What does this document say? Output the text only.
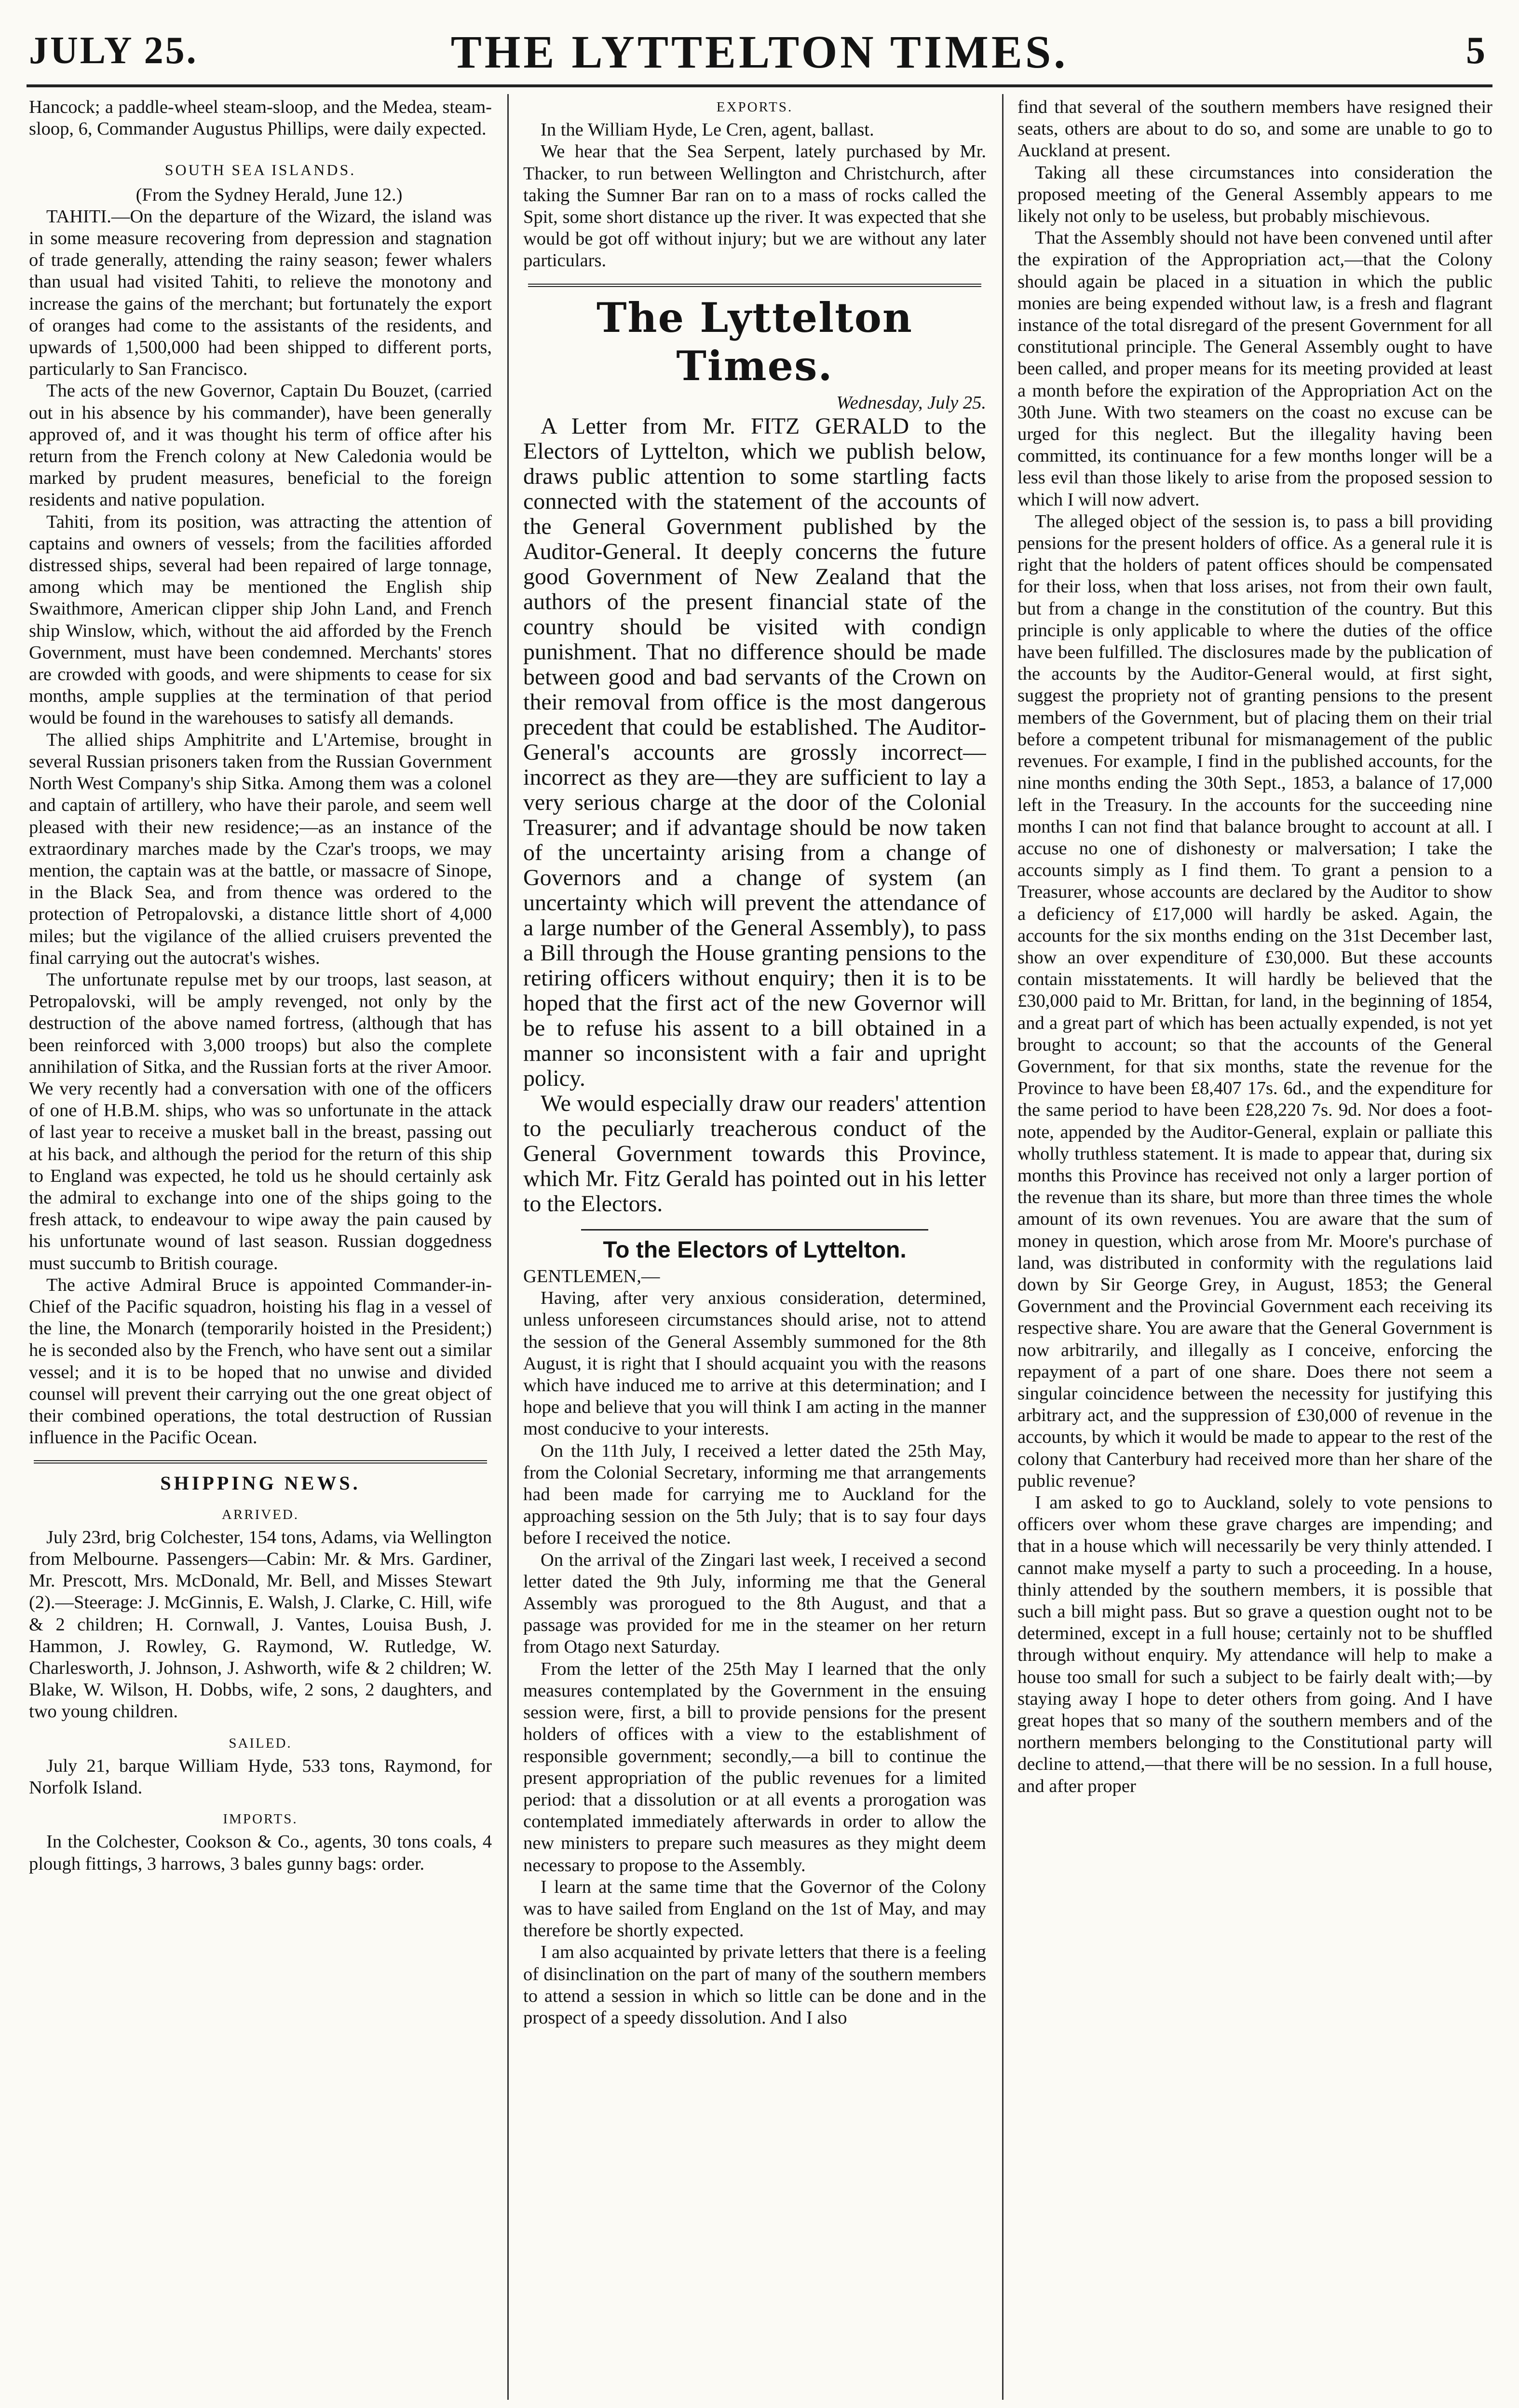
JULY 25.	THE LYTTELTON TIMES.	5

Hancock; a paddle-wheel steam-sloop, and the Medea, steam-sloop, 6, Commander Augustus Phillips, were daily expected.

SOUTH SEA ISLANDS.

(From the Sydney Herald, June 12.)

TAHITI.—On the departure of the Wizard, the island was in some measure recovering from depression and stagnation of trade generally, attending the rainy season; fewer whalers than usual had visited Tahiti, to relieve the monotony and increase the gains of the merchant; but fortunately the export of oranges had come to the assistants of the residents, and upwards of 1,500,000 had been shipped to different ports, particularly to San Francisco.

The acts of the new Governor, Captain Du Bouzet, (carried out in his absence by his commander), have been generally approved of, and it was thought his term of office after his return from the French colony at New Caledonia would be marked by prudent measures, beneficial to the foreign residents and native population.

Tahiti, from its position, was attracting the attention of captains and owners of vessels; from the facilities afforded distressed ships, several had been repaired of large tonnage, among which may be mentioned the English ship Swaithmore, American clipper ship John Land, and French ship Winslow, which, without the aid afforded by the French Government, must have been condemned. Merchants' stores are crowded with goods, and were shipments to cease for six months, ample supplies at the termination of that period would be found in the warehouses to satisfy all demands.

The allied ships Amphitrite and L'Artemise, brought in several Russian prisoners taken from the Russian Government North West Company's ship Sitka. Among them was a colonel and captain of artillery, who have their parole, and seem well pleased with their new residence;—as an instance of the extraordinary marches made by the Czar's troops, we may mention, the captain was at the battle, or massacre of Sinope, in the Black Sea, and from thence was ordered to the protection of Petropalovski, a distance little short of 4,000 miles; but the vigilance of the allied cruisers prevented the final carrying out the autocrat's wishes.

The unfortunate repulse met by our troops, last season, at Petropalovski, will be amply revenged, not only by the destruction of the above named fortress, (although that has been reinforced with 3,000 troops) but also the complete annihilation of Sitka, and the Russian forts at the river Amoor. We very recently had a conversation with one of the officers of one of H.B.M. ships, who was so unfortunate in the attack of last year to receive a musket ball in the breast, passing out at his back, and although the period for the return of this ship to England was expected, he told us he should certainly ask the admiral to exchange into one of the ships going to the fresh attack, to endeavour to wipe away the pain caused by his unfortunate wound of last season. Russian doggedness must succumb to British courage.

The active Admiral Bruce is appointed Commander-in-Chief of the Pacific squadron, hoisting his flag in a vessel of the line, the Monarch (temporarily hoisted in the President;) he is seconded also by the French, who have sent out a similar vessel; and it is to be hoped that no unwise and divided counsel will prevent their carrying out the one great object of their combined operations, the total destruction of Russian influence in the Pacific Ocean.

SHIPPING NEWS.
ARRIVED.

July 23rd, brig Colchester, 154 tons, Adams, via Wellington from Melbourne. Passengers—Cabin: Mr. & Mrs. Gardiner, Mr. Prescott, Mrs. McDonald, Mr. Bell, and Misses Stewart (2).—Steerage: J. McGinnis, E. Walsh, J. Clarke, C. Hill, wife & 2 children; H. Cornwall, J. Vantes, Louisa Bush, J. Hammon, J. Rowley, G. Raymond, W. Rutledge, W. Charlesworth, J. Johnson, J. Ashworth, wife & 2 children; W. Blake, W. Wilson, H. Dobbs, wife, 2 sons, 2 daughters, and two young children.

SAILED.

July 21, barque William Hyde, 533 tons, Raymond, for Norfolk Island.

IMPORTS.

In the Colchester, Cookson & Co., agents, 30 tons coals, 4 plough fittings, 3 harrows, 3 bales gunny bags: order.

EXPORTS.

In the William Hyde, Le Cren, agent, ballast.

We hear that the Sea Serpent, lately purchased by Mr. Thacker, to run between Wellington and Christchurch, after taking the Sumner Bar ran on to a mass of rocks called the Spit, some short distance up the river. It was expected that she would be got off without injury; but we are without any later particulars.

The Lyttelton Times.

Wednesday, July 25.

A Letter from Mr. FITZ GERALD to the Electors of Lyttelton, which we publish below, draws public attention to some startling facts connected with the statement of the accounts of the General Government published by the Auditor-General. It deeply concerns the future good Government of New Zealand that the authors of the present financial state of the country should be visited with condign punishment. That no difference should be made between good and bad servants of the Crown on their removal from office is the most dangerous precedent that could be established. The Auditor-General's accounts are grossly incorrect—incorrect as they are—they are sufficient to lay a very serious charge at the door of the Colonial Treasurer; and if advantage should be now taken of the uncertainty arising from a change of Governors and a change of system (an uncertainty which will prevent the attendance of a large number of the General Assembly), to pass a Bill through the House granting pensions to the retiring officers without enquiry; then it is to be hoped that the first act of the new Governor will be to refuse his assent to a bill obtained in a manner so inconsistent with a fair and upright policy.

We would especially draw our readers' attention to the peculiarly treacherous conduct of the General Government towards this Province, which Mr. Fitz Gerald has pointed out in his letter to the Electors.

To the Electors of Lyttelton.

GENTLEMEN,—

Having, after very anxious consideration, determined, unless unforeseen circumstances should arise, not to attend the session of the General Assembly summoned for the 8th August, it is right that I should acquaint you with the reasons which have induced me to arrive at this determination; and I hope and believe that you will think I am acting in the manner most conducive to your interests.

On the 11th July, I received a letter dated the 25th May, from the Colonial Secretary, informing me that arrangements had been made for carrying me to Auckland for the approaching session on the 5th July; that is to say four days before I received the notice.

On the arrival of the Zingari last week, I received a second letter dated the 9th July, informing me that the General Assembly was prorogued to the 8th August, and that a passage was provided for me in the steamer on her return from Otago next Saturday.

From the letter of the 25th May I learned that the only measures contemplated by the Government in the ensuing session were, first, a bill to provide pensions for the present holders of offices with a view to the establishment of responsible government; secondly,—a bill to continue the present appropriation of the public revenues for a limited period: that a dissolution or at all events a prorogation was contemplated immediately afterwards in order to allow the new ministers to prepare such measures as they might deem necessary to propose to the Assembly.

I learn at the same time that the Governor of the Colony was to have sailed from England on the 1st of May, and may therefore be shortly expected.

I am also acquainted by private letters that there is a feeling of disinclination on the part of many of the southern members to attend a session in which so little can be done and in the prospect of a speedy dissolution. And I also

find that several of the southern members have resigned their seats, others are about to do so, and some are unable to go to Auckland at present.

Taking all these circumstances into consideration the proposed meeting of the General Assembly appears to me likely not only to be useless, but probably mischievous.

That the Assembly should not have been convened until after the expiration of the Appropriation act,—that the Colony should again be placed in a situation in which the public monies are being expended without law, is a fresh and flagrant instance of the total disregard of the present Government for all constitutional principle. The General Assembly ought to have been called, and proper means for its meeting provided at least a month before the expiration of the Appropriation Act on the 30th June. With two steamers on the coast no excuse can be urged for this neglect. But the illegality having been committed, its continuance for a few months longer will be a less evil than those likely to arise from the proposed session to which I will now advert.

The alleged object of the session is, to pass a bill providing pensions for the present holders of office. As a general rule it is right that the holders of patent offices should be compensated for their loss, when that loss arises, not from their own fault, but from a change in the constitution of the country. But this principle is only applicable to where the duties of the office have been fulfilled. The disclosures made by the publication of the accounts by the Auditor-General would, at first sight, suggest the propriety not of granting pensions to the present members of the Government, but of placing them on their trial before a competent tribunal for mismanagement of the public revenues. For example, I find in the published accounts, for the nine months ending the 30th Sept., 1853, a balance of 17,000 left in the Treasury. In the accounts for the succeeding nine months I can not find that balance brought to account at all. I accuse no one of dishonesty or malversation; I take the accounts simply as I find them. To grant a pension to a Treasurer, whose accounts are declared by the Auditor to show a deficiency of £17,000 will hardly be asked. Again, the accounts for the six months ending on the 31st December last, show an over expenditure of £30,000. But these accounts contain misstatements. It will hardly be believed that the £30,000 paid to Mr. Brittan, for land, in the beginning of 1854, and a great part of which has been actually expended, is not yet brought to account; so that the accounts of the General Government, for that six months, state the revenue for the Province to have been £8,407 17s. 6d., and the expenditure for the same period to have been £28,220 7s. 9d. Nor does a foot-note, appended by the Auditor-General, explain or palliate this wholly truthless statement. It is made to appear that, during six months this Province has received not only a larger portion of the revenue than its share, but more than three times the whole amount of its own revenues. You are aware that the sum of money in question, which arose from Mr. Moore's purchase of land, was distributed in conformity with the regulations laid down by Sir George Grey, in August, 1853; the General Government and the Provincial Government each receiving its respective share. You are aware that the General Government is now arbitrarily, and illegally as I conceive, enforcing the repayment of a part of one share. Does there not seem a singular coincidence between the necessity for justifying this arbitrary act, and the suppression of £30,000 of revenue in the accounts, by which it would be made to appear to the rest of the colony that Canterbury had received more than her share of the public revenue?

I am asked to go to Auckland, solely to vote pensions to officers over whom these grave charges are impending; and that in a house which will necessarily be very thinly attended. I cannot make myself a party to such a proceeding. In a house, thinly attended by the southern members, it is possible that such a bill might pass. But so grave a question ought not to be determined, except in a full house; certainly not to be shuffled through without enquiry. My attendance will help to make a house too small for such a subject to be fairly dealt with;—by staying away I hope to deter others from going. And I have great hopes that so many of the southern members and of the northern members belonging to the Constitutional party will decline to attend,—that there will be no session. In a full house, and after proper
